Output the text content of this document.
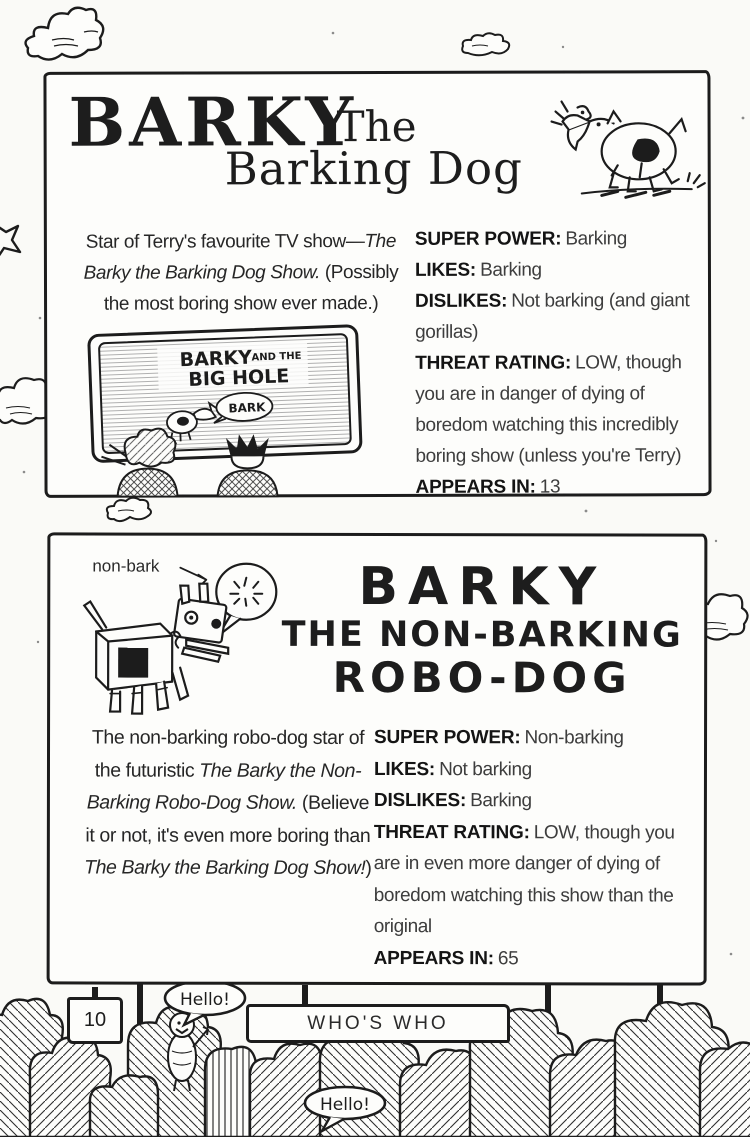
BARKY
The
Barking Dog
Star of Terry's favourite TV show—The Barky the Barking Dog Show. (Possibly the most boring show ever made.)
BARKY AND THE
BIG HOLE
BARK
SUPER POWER: Barking
LIKES: Barking
DISLIKES: Not barking (and giant gorillas)
THREAT RATING: LOW, though you are in danger of dying of boredom watching this incredibly boring show (unless you're Terry)
APPEARS IN: 13
non-bark	BARKY
THE NON-BARKING
ROBO-DOG
The non-barking robo-dog star of the futuristic The Barky the Non-Barking Robo-Dog Show. (Believe it or not, it's even more boring than The Barky the Barking Dog Show!)
SUPER POWER: Non-barking
LIKES: Not barking
DISLIKES: Barking
THREAT RATING: LOW, though you are in even more danger of dying of boredom watching this show than the original
APPEARS IN: 65
Hello!
Hello!
10	WHO'S WHO
